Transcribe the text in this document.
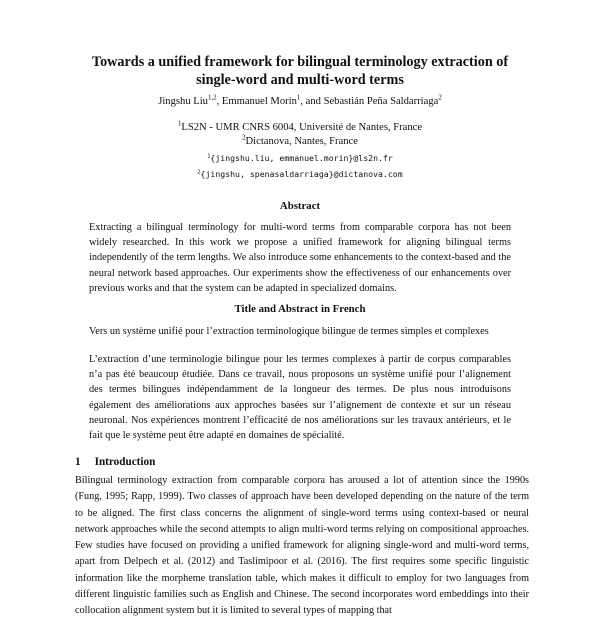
Towards a unified framework for bilingual terminology extraction of
single-word and multi-word terms
Jingshu Liu$^{1,2}$, Emmanuel Morin$^1$, and Sebastián Peña Saldarriaga$^2$
$^1$LS2N - UMR CNRS 6004, Université de Nantes, France
$^2$Dictanova, Nantes, France
$^1${jingshu.liu, emmanuel.morin}@ls2n.fr
$^2${jingshu, spenasaldarriaga}@dictanova.com
Abstract
Extracting a bilingual terminology for multi-word terms from comparable corpora has not been widely researched. In this work we propose a unified framework for aligning bilingual terms independently of the term lengths. We also introduce some enhancements to the context-based and the neural network based approaches. Our experiments show the effectiveness of our enhancements over previous works and that the system can be adapted in specialized domains.
Title and Abstract in French
Vers un système unifié pour l’extraction terminologique bilingue de termes simples et complexes
L’extraction d’une terminologie bilingue pour les termes complexes à partir de corpus comparables n’a pas été beaucoup étudiée. Dans ce travail, nous proposons un système unifié pour l’alignement des termes bilingues indépendamment de la longueur des termes. De plus nous introduisons également des améliorations aux approches basées sur l’alignement de contexte et sur un réseau neuronal. Nos expériences montrent l’efficacité de nos améliorations sur les travaux antérieurs, et le fait que le système peut être adapté en domaines de spécialité.
1 Introduction
Bilingual terminology extraction from comparable corpora has aroused a lot of attention since the 1990s (Fung, 1995; Rapp, 1999). Two classes of approach have been developed depending on the nature of the term to be aligned. The first class concerns the alignment of single-word terms using context-based or neural network approaches while the second attempts to align multi-word terms relying on compositional approaches. Few studies have focused on providing a unified framework for aligning single-word and multi-word terms, apart from Delpech et al. (2012) and Taslimipoor et al. (2016). The first requires some specific linguistic information like the morpheme translation table, which makes it difficult to employ for two languages from different linguistic families such as English and Chinese. The second incorporates word embeddings into their collocation alignment system but it is limited to several types of mapping that
